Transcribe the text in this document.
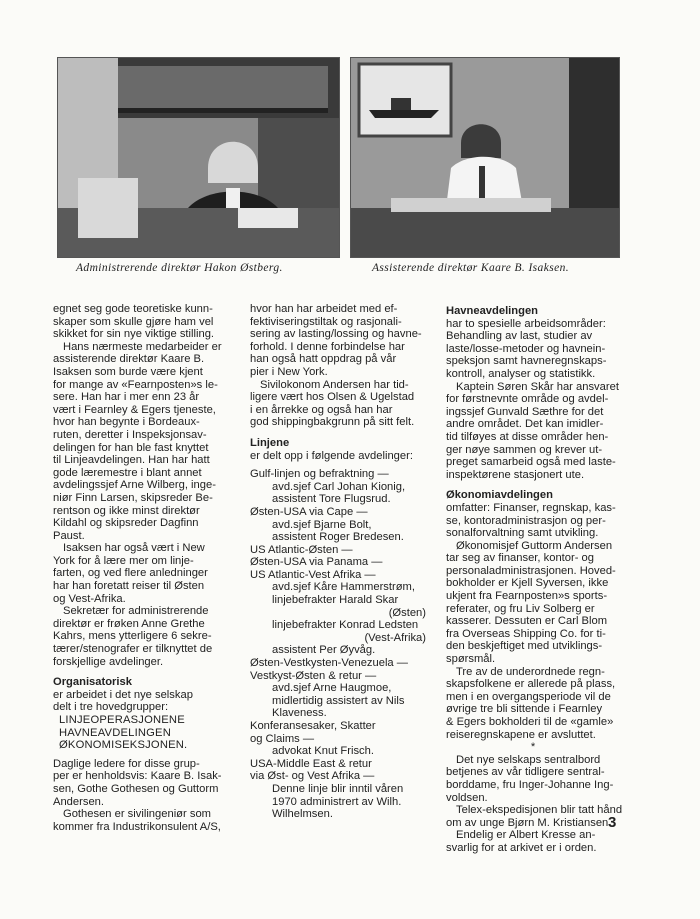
Administrerende direktør Hakon Østberg.	Assisterende direktør Kaare B. Isaksen.

egnet seg gode teoretiske kunn-

skaper som skulle gjøre ham vel

skikket for sin nye viktige stilling.

Hans nærmeste medarbeider er

assisterende direktør Kaare B.

Isaksen som burde være kjent

for mange av «Fearnposten»s le-

sere. Han har i mer enn 23 år

vært i Fearnley & Egers tjeneste,

hvor han begynte i Bordeaux-

ruten, deretter i Inspeksjonsav-

delingen for han ble fast knyttet

til Linjeavdelingen. Han har hatt

gode læremestre i blant annet

avdelingssjef Arne Wilberg, inge-

niør Finn Larsen, skipsreder Be-

rentson og ikke minst direktør

Kildahl og skipsreder Dagfinn

Paust.

Isaksen har også vært i New

York for å lære mer om linje-

farten, og ved flere anledninger

har han foretatt reiser til Østen

og Vest-Afrika.

Sekretær for administrerende

direktør er frøken Anne Grethe

Kahrs, mens ytterligere 6 sekre-

tærer/stenografer er tilknyttet de

forskjellige avdelinger.

Organisatorisk

er arbeidet i det nye selskap

delt i tre hovedgrupper:

LINJEOPERASJONENE

HAVNEAVDELINGEN

ØKONOMISEKSJONEN.

Daglige ledere for disse grup-

per er henholdsvis: Kaare B. Isak-

sen, Gothe Gothesen og Guttorm

Andersen.

Gothesen er sivilingeniør som

kommer fra Industrikonsulent A/S,

hvor han har arbeidet med ef-

fektiviseringstiltak og rasjonali-

sering av lasting/lossing og havne-

forhold. I denne forbindelse har

han også hatt oppdrag på vår

pier i New York.

Sivilokonom Andersen har tid-

ligere vært hos Olsen & Ugelstad

i en årrekke og også han har

god shippingbakgrunn på sitt felt.

Linjene

er delt opp i følgende avdelinger:

Gulf-linjen og befraktning —

avd.sjef Carl Johan Kionig,

assistent Tore Flugsrud.

Østen-USA via Cape —

avd.sjef Bjarne Bolt,

assistent Roger Bredesen.

US Atlantic-Østen —

Østen-USA via Panama —

US Atlantic-Vest Afrika —

avd.sjef Kåre Hammerstrøm,

linjebefrakter Harald Skar

(Østen)

linjebefrakter Konrad Ledsten

(Vest-Afrika)

assistent Per Øyvåg.

Østen-Vestkysten-Venezuela —

Vestkyst-Østen & retur —

avd.sjef Arne Haugmoe,

midlertidig assistert av Nils

Klaveness.

Konferansesaker, Skatter

og Claims —

advokat Knut Frisch.

USA-Middle East & retur

via Øst- og Vest Afrika —

Denne linje blir inntil våren

1970 administrert av Wilh.

Wilhelmsen.

Havneavdelingen

har to spesielle arbeidsområder:

Behandling av last, studier av

laste/losse-metoder og havnein-

speksjon samt havneregnskaps-

kontroll, analyser og statistikk.

Kaptein Søren Skår har ansvaret

for førstnevnte område og avdel-

ingssjef Gunvald Sæthre for det

andre området. Det kan imidler-

tid tilføyes at disse områder hen-

ger nøye sammen og krever ut-

preget samarbeid også med laste-

inspektørene stasjonert ute.

Økonomiavdelingen

omfatter: Finanser, regnskap, kas-

se, kontoradministrasjon og per-

sonalforvaltning samt utvikling.

Økonomisjef Guttorm Andersen

tar seg av finanser, kontor- og

personaladministrasjonen. Hoved-

bokholder er Kjell Syversen, ikke

ukjent fra Fearnposten»s sports-

referater, og fru Liv Solberg er

kasserer. Dessuten er Carl Blom

fra Overseas Shipping Co. for ti-

den beskjeftiget med utviklings-

spørsmål.

Tre av de underordnede regn-

skapsfolkene er allerede på plass,

men i en overgangsperiode vil de

øvrige tre bli sittende i Fearnley

& Egers bokholderi til de «gamle»

reiseregnskapene er avsluttet.

*

Det nye selskaps sentralbord

betjenes av vår tidligere sentral-

borddame, fru Inger-Johanne Ing-

voldsen.

Telex-ekspedisjonen blir tatt hånd

om av unge Bjørn M. Kristiansen.

Endelig er Albert Kresse an-

svarlig for at arkivet er i orden.

3
